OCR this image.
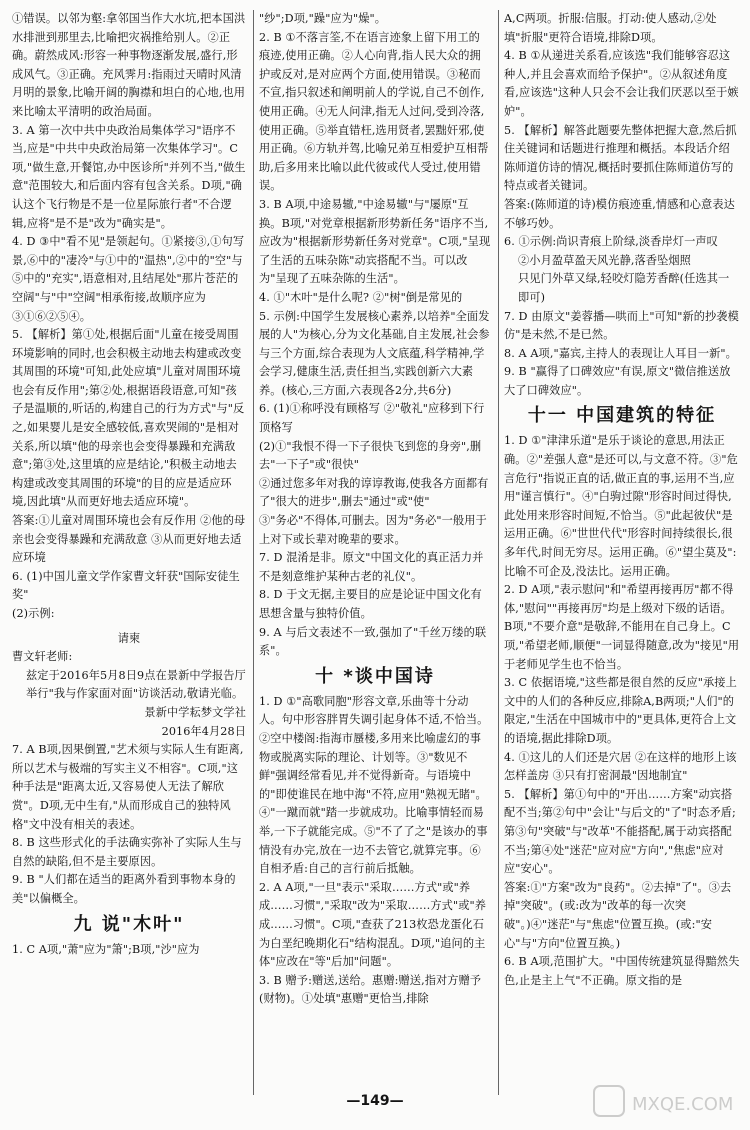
①错误。以邻为壑:拿邻国当作大水坑,把本国洪水排泄到那里去,比喻把灾祸推给别人。②正确。蔚然成风:形容一种事物逐渐发展,盛行,形成风气。③正确。充风霁月:指雨过天晴时风清月明的景象,比喻开阔的胸襟和坦白的心地,也用来比喻太平清明的政治局面。

3. A 第一次中共中央政治局集体学习"语序不当,应是"中共中央政治局第一次集体学习"。C项,"做生意,开餐馆,办中医诊所"并列不当,"做生意"范围较大,和后面内容有包含关系。D项,"确认这个飞行物是不是一位星际旅行者"不合逻辑,应将"是不是"改为"确实是"。

4. D ③中"看不见"是领起句。①紧接③,①句写景,⑥中的"凄冷"与①中的"温热",②中的"空"与⑤中的"充实",语意相对,且结尾处"那片苍茫的空阔"与"中"空阔"相承衔接,故顺序应为③①⑥②⑤④。

5. 【解析】第①处,根据后面"儿童在接受周围环境影响的同时,也会积极主动地去构建或改变其周围的环境"可知,此处应填"儿童对周围环境也会有反作用";第②处,根据语段语意,可知"孩子是温顺的,听话的,构建自己的行为方式"与"反之,如果婴儿是安全感较低,喜欢哭闹的"是相对关系,所以填"他的母亲也会变得暴躁和充满敌意";第③处,这里填的应是结论,"积极主动地去构建或改变其周围的环境"的目的应是适应环境,因此填"从而更好地去适应环境"。

答案:①儿童对周围环境也会有反作用 ②他的母亲也会变得暴躁和充满敌意 ③从而更好地去适应环境

6. (1)中国儿童文学作家曹文轩获"国际安徒生奖"

(2)示例:

请柬

曹文轩老师:

兹定于2016年5月8日9点在景新中学报告厅举行"我与作家面对面"访谈活动,敬请光临。

景新中学耘梦文学社

2016年4月28日

7. A B项,因果倒置,"艺术须与实际人生有距离,所以艺术与极端的写实主义不相容"。C项,"这种手法是"距离太近,又容易使人无法了解欣赏"。D项,无中生有,"从而形成自己的独特风格"文中没有相关的表述。

8. B 这些形式化的手法确实弥补了实际人生与自然的缺陷,但不是主要原因。

9. B "人们都在适当的距离外看到事物本身的美"以偏概全。

九 说"木叶"

1. C A项,"萧"应为"箫";B项,"沙"应为

"纱";D项,"躁"应为"燥"。

2. B ①不落言筌,不在语言迹象上留下用工的痕迹,使用正确。②人心向背,指人民大众的拥护或反对,是对应两个方面,使用错误。③秘而不宣,指只叙述和阐明前人的学说,自己不创作,使用正确。④无人问津,指无人过问,受到冷落,使用正确。⑤举直错枉,选用贤者,罢黜奸邪,使用正确。⑥方轨并驾,比喻兄弟互相爱护互相帮助,后多用来比喻以此代彼或代人受过,使用错误。

3. B A项,中途易辙,"中途易辙"与"屡原"互换。B项,"对党章根据新形势新任务"语序不当,应改为"根据新形势新任务对党章"。C项,"呈现了生活的五味杂陈"动宾搭配不当。可以改为"呈现了五味杂陈的生活"。

4. ①"木叶"是什么呢? ②"树"倒是常见的

5. 示例:中国学生发展核心素养,以培养"全面发展的人"为核心,分为文化基础,自主发展,社会参与三个方面,综合表现为人文底蕴,科学精神,学会学习,健康生活,责任担当,实践创新六大素养。(核心,三方面,六表现各2分,共6分)

6. (1)①称呼没有顾格写 ②"敬礼"应移到下行顶格写

(2)①"我恨不得一下子很快飞到您的身旁",删去"一下子"或"很快"

②通过您多年对我的谆谆教诲,使我各方面都有了"很大的进步",删去"通过"或"使"

③"务必"不得体,可删去。因为"务必"一般用于上对下或长辈对晚辈的要求。

7. D 混淆是非。原文"中国文化的真正活力并不是刻意维护某种古老的礼仪"。

8. D 于文无据,主要目的应是论证中国文化有思想含量与独特价值。

9. A 与后文表述不一致,强加了"千丝万缕的联系"。

十 *谈中国诗

1. D ①"高歌同胞"形容文章,乐曲等十分动人。句中形容胖胃失调引起身体不适,不恰当。②空中楼阁:指海市蜃楼,多用来比喻虚幻的事物或脱离实际的理论、计划等。③"数见不鲜"强调经常看见,并不觉得新奇。与语境中的"即使谁民在地中海"不符,应用"熟视无睹"。④"一蹴而就"踏一步就成功。比喻事情轻而易举,一下子就能完成。⑤"不了了之"是该办的事情没有办完,放在一边不去管它,就算完事。⑥自相矛盾:自己的言行前后抵触。

2. A A项,"一旦"表示"采取……方式"或"养成……习惯","采取"改为"采取……方式"或"养成……习惯"。C项,"查获了213枚恐龙蛋化石为白垩纪晚期化石"结构混乱。D项,"追问的主体"应改在"等"后加"问题"。

3. B 赠予:赠送,送给。惠赠:赠送,指对方赠予(财物)。①处填"惠赠"更恰当,排除

A,C两项。折服:信服。打动:使人感动,②处填"折服"更符合语境,排除D项。

4. B ①从递进关系看,应该选"我们能够容忍这种人,并且会喜欢而给予保护"。②从叙述角度看,应该选"这种人只会不会让我们厌恶以至于嫉妒"。

5. 【解析】解答此题要先整体把握大意,然后抓住关键词和话题进行推理和概括。本段话介绍陈师道仿诗的情况,概括时要抓住陈师道仿写的特点或者关键词。

答案:(陈师道的诗)模仿痕迹重,情感和心意表达不够巧妙。

6. ①示例:尚识青痕上阶绿,淡香岸灯一声叹

②小月盈草盈天风光静,落香坠烟照

只见门外草又绿,轻咬灯隐芳香醉(任选其一即可)

7. D 由原文"姜蓉播—哄而上"可知"新的抄袭模仿"是未然,不是已然。

8. A A项,"嘉宾,主持人的表现让人耳目一新"。

9. B "赢得了口碑效应"有误,原文"微信推送放大了口碑效应"。

十一 中国建筑的特征

1. D ①"津津乐道"是乐于谈论的意思,用法正确。②"差强人意"是还可以,与文意不符。③"危言危行"指说正直的话,做正直的事,运用不当,应用"谨言慎行"。④"白驹过隙"形容时间过得快,此处用来形容时间短,不恰当。⑤"此起彼伏"是运用正确。⑥"世世代代"形容时间持续很长,很多年代,时间无穷尽。运用正确。⑥"望尘莫及":比喻不可企及,没法比。运用正确。

2. D A项,"表示慰问"和"希望再接再厉"都不得体,"慰问""再接再厉"均是上级对下级的话语。B项,"不要介意"是敬辞,不能用在自己身上。C项,"希望老师,顺便"一词显得随意,改为"接见"用于老师见学生也不恰当。

3. C 依据语境,"这些都是很自然的反应"承接上文中的人们的各种反应,排除A,B两项;"人们"的限定,"生活在中国城市中的"更具体,更符合上文的语境,据此排除D项。

4. ①这儿的人们还是穴居 ②在这样的地形上该怎样盖房 ③只有打密洞最"因地制宜"

5. 【解析】第①句中的"开出……方案"动宾搭配不当;第②句中"会让"与后文的"了"时态矛盾;第③句"突破"与"改革"不能搭配,属于动宾搭配不当;第④处"迷茫"应对应"方向","焦虑"应对应"安心"。

答案:①"方案"改为"良药"。②去掉"了"。③去掉"突破"。(或:改为"改革的每一次突破"。)④"迷茫"与"焦虑"位置互换。(或:"安心"与"方向"位置互换。)

6. B A项,范围扩大。"中国传统建筑显得黯然失色,止是主上气"不正确。原文指的是

—149—	MXQE.COM
